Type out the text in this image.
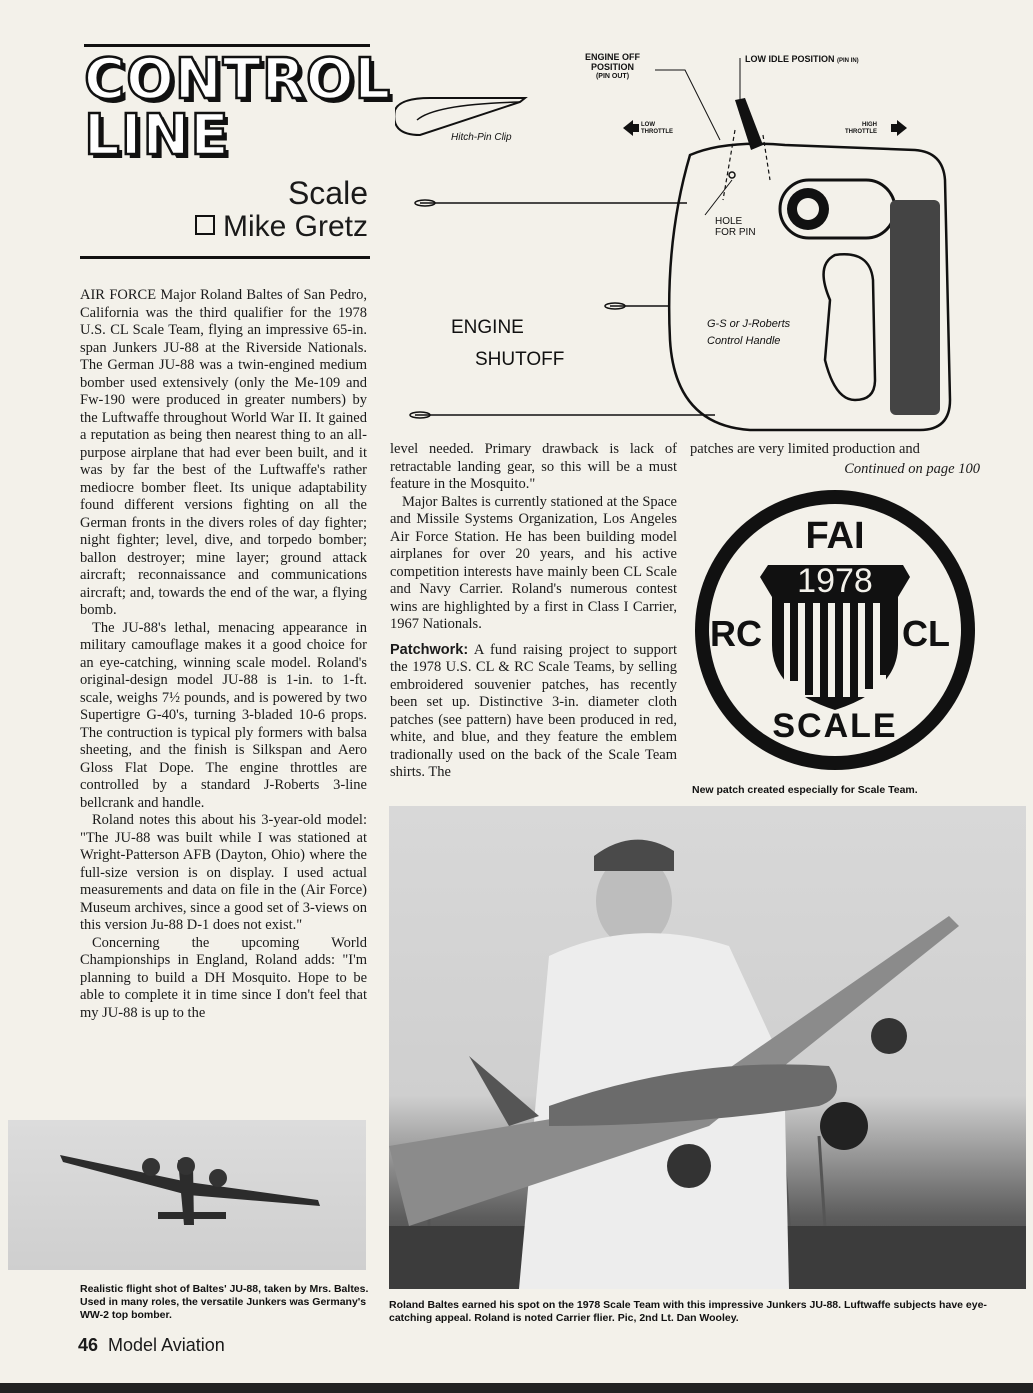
CONTROL
LINE
Scale
Mike Gretz
ENGINE OFF
POSITION
(PIN OUT)
LOW IDLE POSITION (PIN IN)
Hitch-Pin Clip
LOW
THROTTLE
HIGH
THROTTLE
HOLE
FOR PIN
ENGINE
SHUTOFF
G-S or J-Roberts
Control Handle

AIR FORCE Major Roland Baltes of San Pedro, California was the third qualifier for the 1978 U.S. CL Scale Team, flying an impressive 65-in. span Junkers JU-88 at the Riverside Nationals. The German JU-88 was a twin-engined medium bomber used extensively (only the Me-109 and Fw-190 were produced in greater numbers) by the Luftwaffe throughout World War II. It gained a reputation as being then nearest thing to an all-purpose airplane that had ever been built, and it was by far the best of the Luftwaffe's rather mediocre bomber fleet. Its unique adaptability found different versions fighting on all the German fronts in the divers roles of day fighter; night fighter; level, dive, and torpedo bomber; ballon destroyer; mine layer; ground attack aircraft; reconnaissance and communications aircraft; and, towards the end of the war, a flying bomb.

The JU-88's lethal, menacing appearance in military camouflage makes it a good choice for an eye-catching, winning scale model. Roland's original-design model JU-88 is 1-in. to 1-ft. scale, weighs 7½ pounds, and is powered by two Supertigre G-40's, turning 3-bladed 10-6 props. The contruction is typical ply formers with balsa sheeting, and the finish is Silkspan and Aero Gloss Flat Dope. The engine throttles are controlled by a standard J-Roberts 3-line bellcrank and handle.

Roland notes this about his 3-year-old model: "The JU-88 was built while I was stationed at Wright-Patterson AFB (Dayton, Ohio) where the full-size version is on display. I used actual measurements and data on file in the (Air Force) Museum archives, since a good set of 3-views on this version Ju-88 D-1 does not exist."

Concerning the upcoming World Championships in England, Roland adds: "I'm planning to build a DH Mosquito. Hope to be able to complete it in time since I don't feel that my JU-88 is up to the

level needed. Primary drawback is lack of retractable landing gear, so this will be a must feature in the Mosquito."

Major Baltes is currently stationed at the Space and Missile Systems Organization, Los Angeles Air Force Station. He has been building model airplanes for over 20 years, and his active competition interests have mainly been CL Scale and Navy Carrier. Roland's numerous contest wins are highlighted by a first in Class I Carrier, 1967 Nationals.

Patchwork: A fund raising project to support the 1978 U.S. CL & RC Scale Teams, by selling embroidered souvenier patches, has recently been set up. Distinctive 3-in. diameter cloth patches (see pattern) have been produced in red, white, and blue, and they feature the emblem tradionally used on the back of the Scale Team shirts. The

patches are very limited production and

Continued on page 100
FAI
1978
RC	CL
SCALE
New patch created especially for Scale Team.
Roland Baltes earned his spot on the 1978 Scale Team with this impressive Junkers JU-88. Luftwaffe subjects have eye-catching appeal. Roland is noted Carrier flier. Pic, 2nd Lt. Dan Wooley.
Realistic flight shot of Baltes' JU-88, taken by Mrs. Baltes. Used in many roles, the versatile Junkers was Germany's WW-2 top bomber.
46 Model Aviation
